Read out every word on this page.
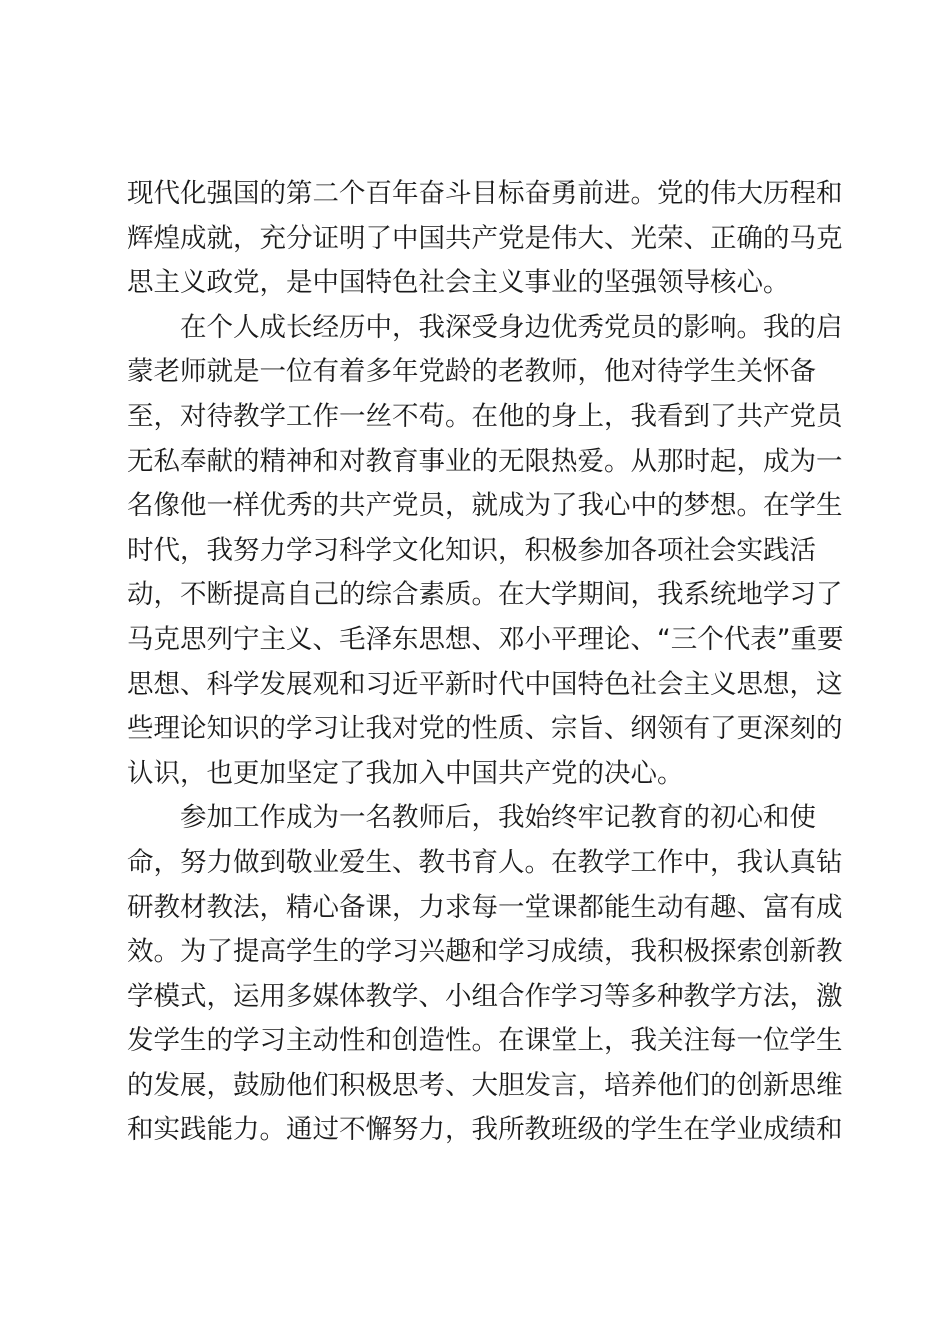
现代化强国的第二个百年奋斗目标奋勇前进。党的伟大历程和
辉煌成就，充分证明了中国共产党是伟大、光荣、正确的马克
思主义政党，是中国特色社会主义事业的坚强领导核心。
在个人成长经历中，我深受身边优秀党员的影响。我的启
蒙老师就是一位有着多年党龄的老教师，他对待学生关怀备
至，对待教学工作一丝不苟。在他的身上，我看到了共产党员
无私奉献的精神和对教育事业的无限热爱。从那时起，成为一
名像他一样优秀的共产党员，就成为了我心中的梦想。在学生
时代，我努力学习科学文化知识，积极参加各项社会实践活
动，不断提高自己的综合素质。在大学期间，我系统地学习了
马克思列宁主义、毛泽东思想、邓小平理论、“三个代表”重要
思想、科学发展观和习近平新时代中国特色社会主义思想，这
些理论知识的学习让我对党的性质、宗旨、纲领有了更深刻的
认识，也更加坚定了我加入中国共产党的决心。
参加工作成为一名教师后，我始终牢记教育的初心和使
命，努力做到敬业爱生、教书育人。在教学工作中，我认真钻
研教材教法，精心备课，力求每一堂课都能生动有趣、富有成
效。为了提高学生的学习兴趣和学习成绩，我积极探索创新教
学模式，运用多媒体教学、小组合作学习等多种教学方法，激
发学生的学习主动性和创造性。在课堂上，我关注每一位学生
的发展，鼓励他们积极思考、大胆发言，培养他们的创新思维
和实践能力。通过不懈努力，我所教班级的学生在学业成绩和
